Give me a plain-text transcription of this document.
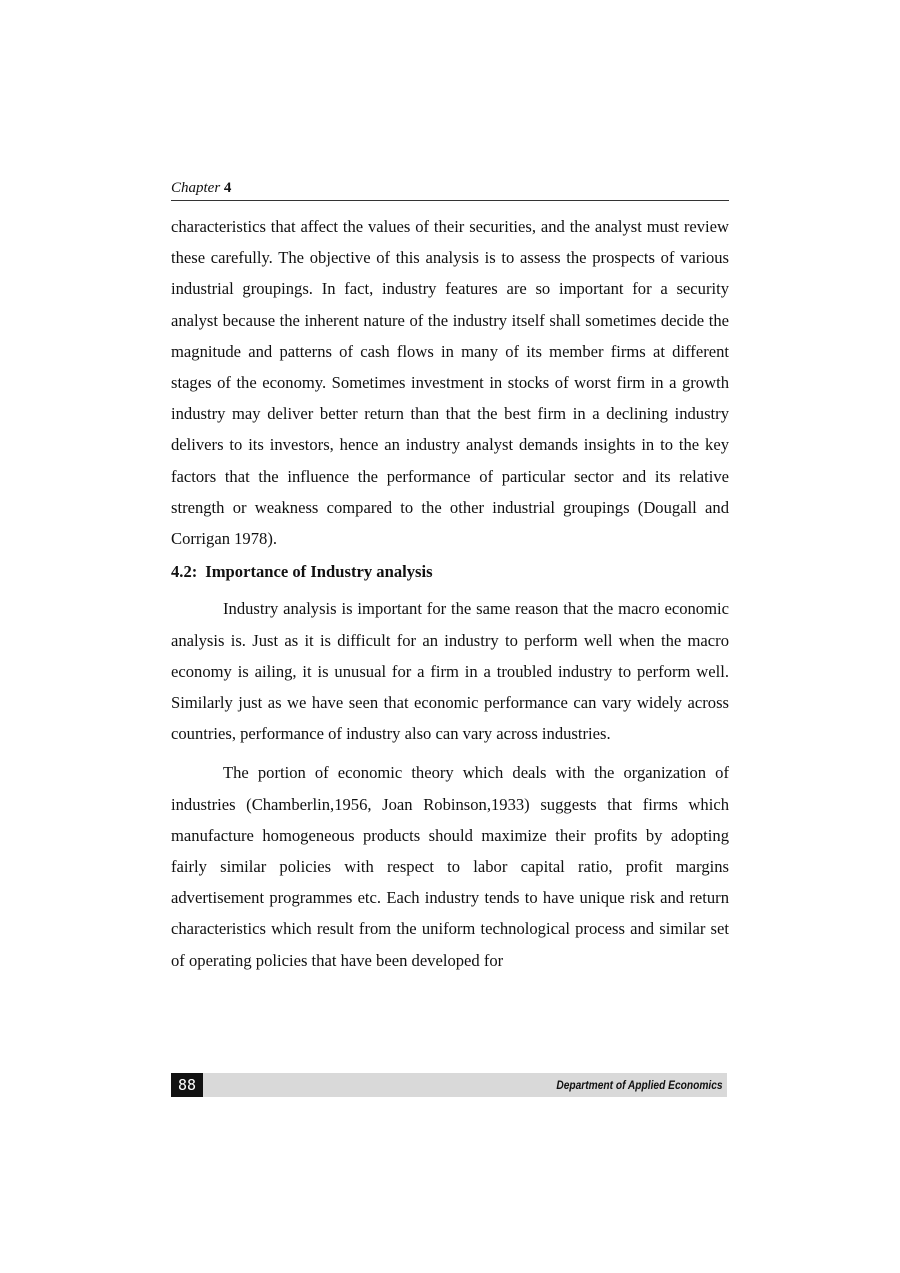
Chapter 4

characteristics that affect the values of their securities, and the analyst must review these carefully. The objective of this analysis is to assess the prospects of various industrial groupings. In fact, industry features are so important for a security analyst because the inherent nature of the industry itself shall sometimes decide the magnitude and patterns of cash flows in many of its member firms at different stages of the economy. Sometimes investment in stocks of worst firm in a growth industry may deliver better return than that the best firm in a declining industry delivers to its investors, hence an industry analyst demands insights in to the key factors that the influence the performance of particular sector and its relative strength or weakness compared to the other industrial groupings (Dougall and Corrigan 1978).

4.2: Importance of Industry analysis

Industry analysis is important for the same reason that the macro economic analysis is. Just as it is difficult for an industry to perform well when the macro economy is ailing, it is unusual for a firm in a troubled industry to perform well. Similarly just as we have seen that economic performance can vary widely across countries, performance of industry also can vary across industries.

The portion of economic theory which deals with the organization of industries (Chamberlin,1956, Joan Robinson,1933) suggests that firms which manufacture homogeneous products should maximize their profits by adopting fairly similar policies with respect to labor capital ratio, profit margins advertisement programmes etc. Each industry tends to have unique risk and return characteristics which result from the uniform technological process and similar set of operating policies that have been developed for

88	Department of Applied Economics
